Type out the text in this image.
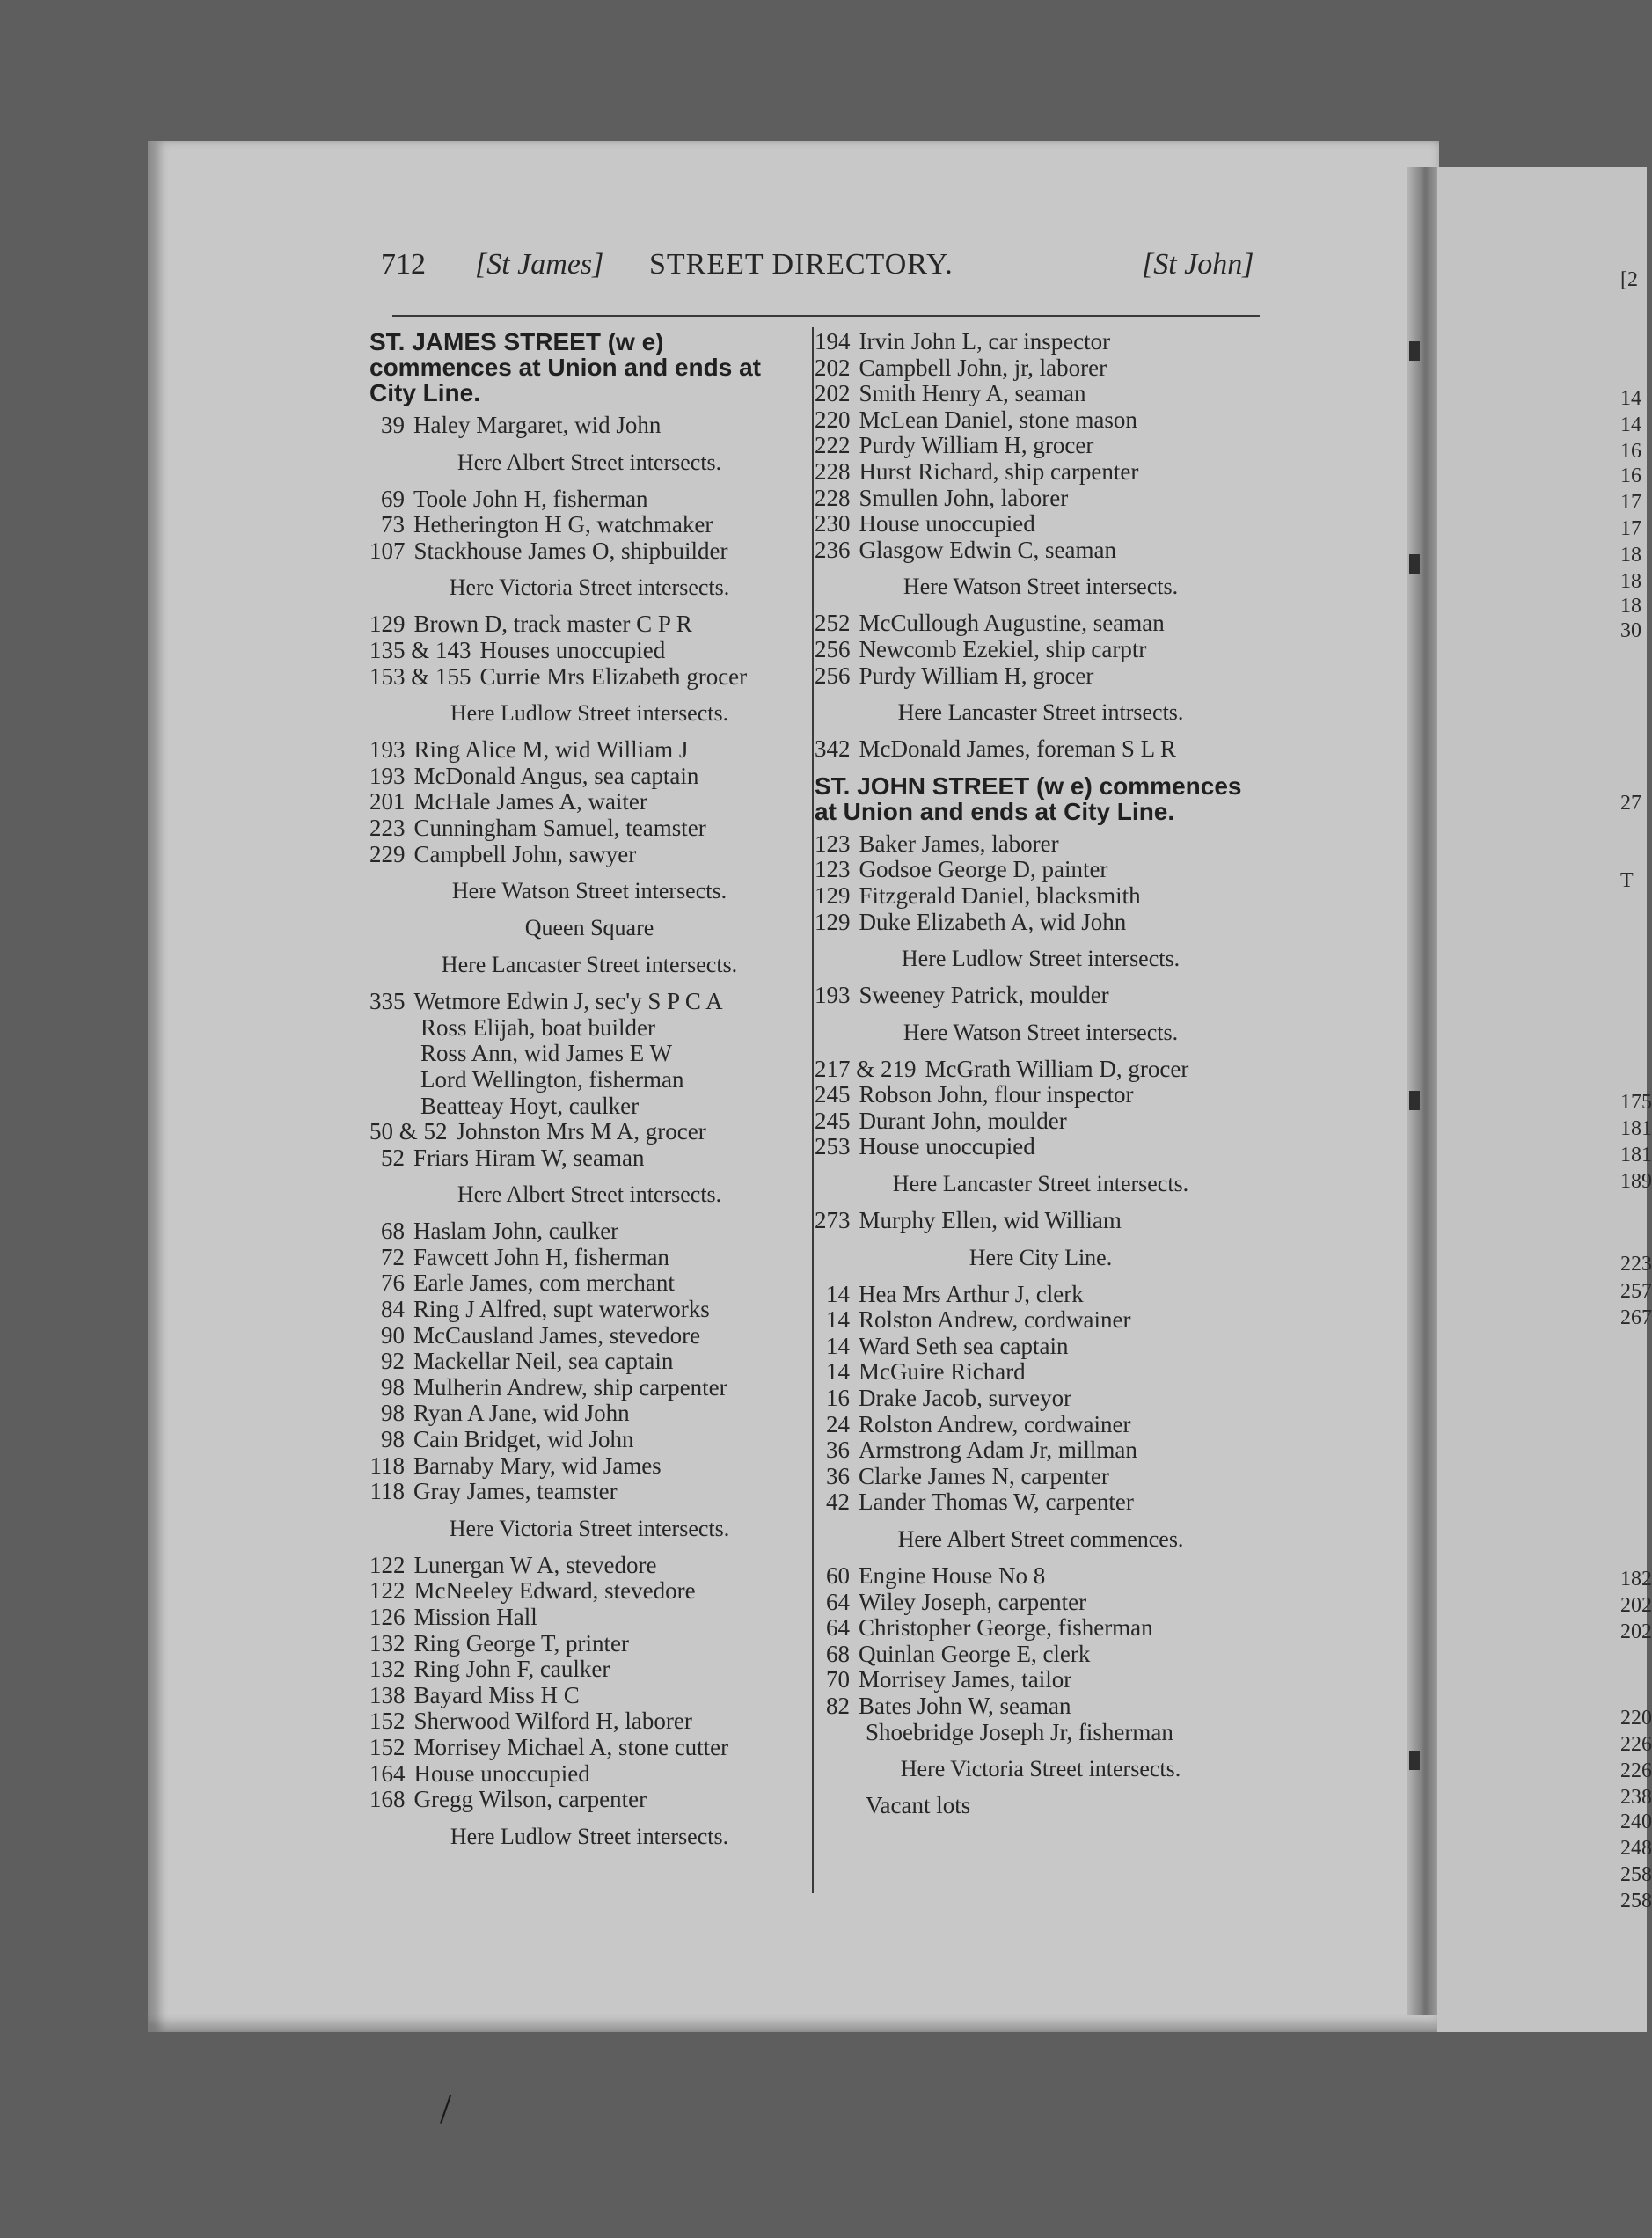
712 [St James] STREET DIRECTORY.	[St John]
ST. JAMES STREET (w e) commences at Union and ends at City Line.
39 Haley Margaret, wid John
Here Albert Street intersects.
69 Toole John H, fisherman
73 Hetherington H G, watchmaker
107 Stackhouse James O, shipbuilder
Here Victoria Street intersects.
129 Brown D, track master C P R
135 & 143 Houses unoccupied
153 & 155 Currie Mrs Elizabeth grocer
Here Ludlow Street intersects.
193 Ring Alice M, wid William J
193 McDonald Angus, sea captain
201 McHale James A, waiter
223 Cunningham Samuel, teamster
229 Campbell John, sawyer
Here Watson Street intersects.
Queen Square
Here Lancaster Street intersects.
335 Wetmore Edwin J, sec'y S P C A
Ross Elijah, boat builder
Ross Ann, wid James E W
Lord Wellington, fisherman
Beatteay Hoyt, caulker
50 & 52 Johnston Mrs M A, grocer
52 Friars Hiram W, seaman
Here Albert Street intersects.
68 Haslam John, caulker
72 Fawcett John H, fisherman
76 Earle James, com merchant
84 Ring J Alfred, supt waterworks
90 McCausland James, stevedore
92 Mackellar Neil, sea captain
98 Mulherin Andrew, ship carpenter
98 Ryan A Jane, wid John
98 Cain Bridget, wid John
118 Barnaby Mary, wid James
118 Gray James, teamster
Here Victoria Street intersects.
122 Lunergan W A, stevedore
122 McNeeley Edward, stevedore
126 Mission Hall
132 Ring George T, printer
132 Ring John F, caulker
138 Bayard Miss H C
152 Sherwood Wilford H, laborer
152 Morrisey Michael A, stone cutter
164 House unoccupied
168 Gregg Wilson, carpenter
Here Ludlow Street intersects.
194 Irvin John L, car inspector
202 Campbell John, jr, laborer
202 Smith Henry A, seaman
220 McLean Daniel, stone mason
222 Purdy William H, grocer
228 Hurst Richard, ship carpenter
228 Smullen John, laborer
230 House unoccupied
236 Glasgow Edwin C, seaman
Here Watson Street intersects.
252 McCullough Augustine, seaman
256 Newcomb Ezekiel, ship carptr
256 Purdy William H, grocer
Here Lancaster Street intrsects.
342 McDonald James, foreman S L R
ST. JOHN STREET (w e) commences at Union and ends at City Line.
123 Baker James, laborer
123 Godsoe George D, painter
129 Fitzgerald Daniel, blacksmith
129 Duke Elizabeth A, wid John
Here Ludlow Street intersects.
193 Sweeney Patrick, moulder
Here Watson Street intersects.
217 & 219 McGrath William D, grocer
245 Robson John, flour inspector
245 Durant John, moulder
253 House unoccupied
Here Lancaster Street intersects.
273 Murphy Ellen, wid William
Here City Line.
14 Hea Mrs Arthur J, clerk
14 Rolston Andrew, cordwainer
14 Ward Seth sea captain
14 McGuire Richard
16 Drake Jacob, surveyor
24 Rolston Andrew, cordwainer
36 Armstrong Adam Jr, millman
36 Clarke James N, carpenter
42 Lander Thomas W, carpenter
Here Albert Street commences.
60 Engine House No 8
64 Wiley Joseph, carpenter
64 Christopher George, fisherman
68 Quinlan George E, clerk
70 Morrisey James, tailor
82 Bates John W, seaman
Shoebridge Joseph Jr, fisherman
Here Victoria Street intersects.
Vacant lots
[2
14
14
16
16
17
17
18
18
18
30
27
T
175
181
181
189
223
257
267
182
202
202
220
226
226
238
240
248
258
258
/
